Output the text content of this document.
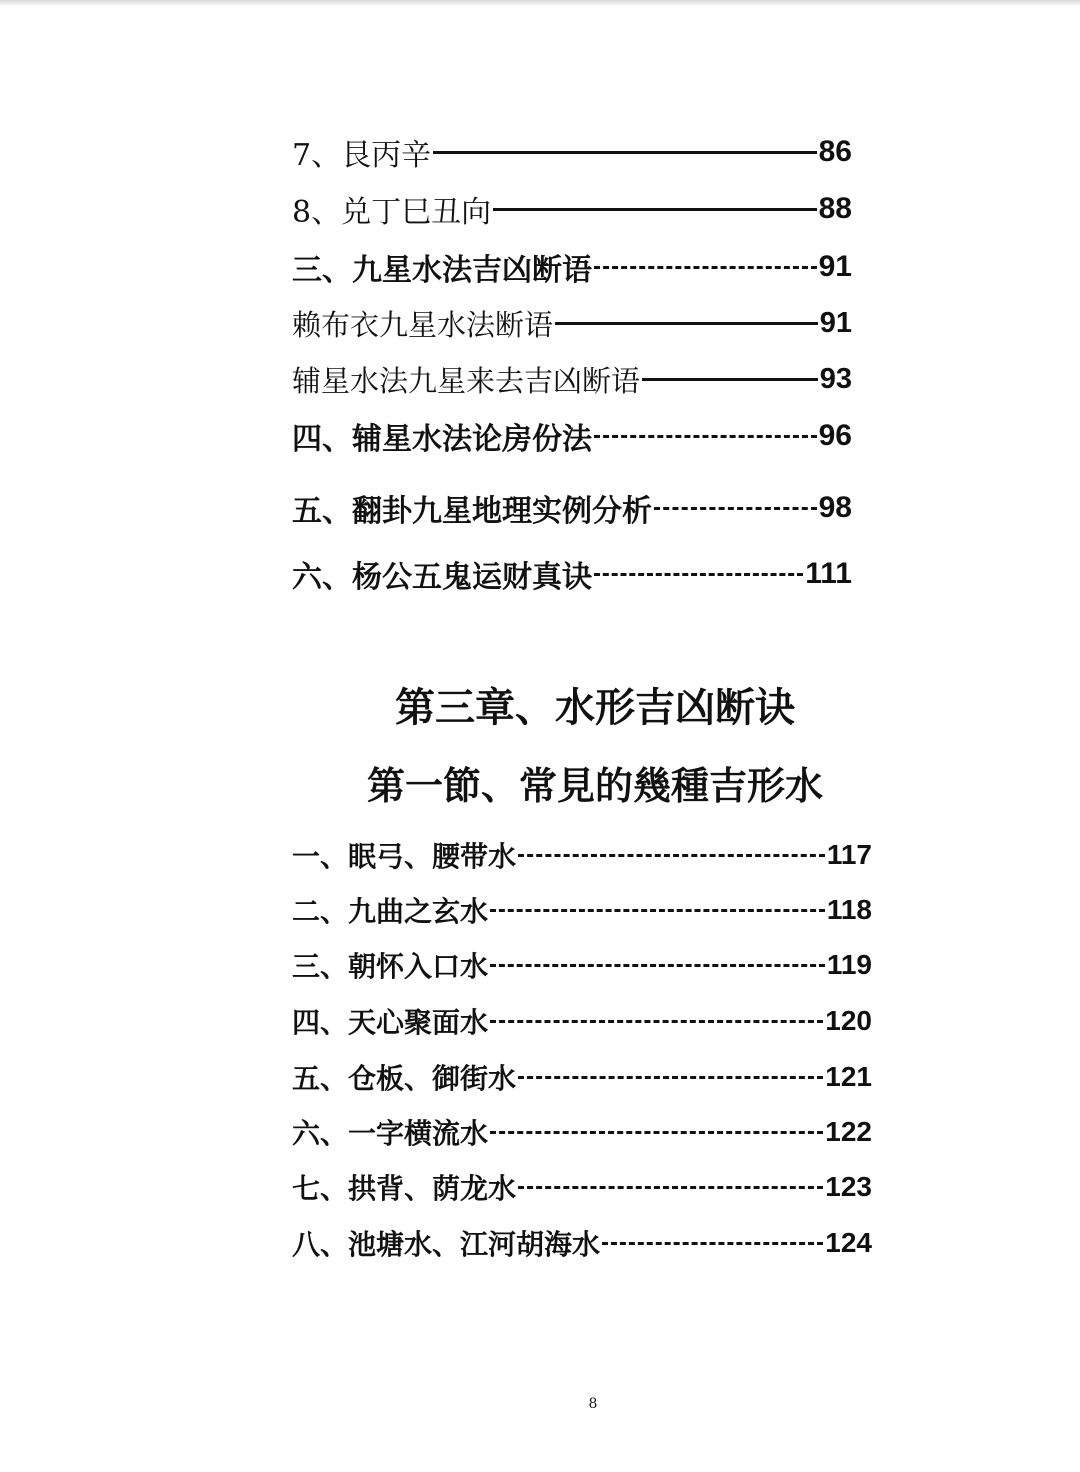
7、艮丙辛	86
8、兑丁巳丑向	88
三、九星水法吉凶断语	91
赖布衣九星水法断语	91
辅星水法九星来去吉凶断语	93
四、辅星水法论房份法	96
五、翻卦九星地理实例分析	98
六、杨公五鬼运财真诀	111
第三章、水形吉凶断诀
第一節、常見的幾種吉形水
一、眠弓、腰带水	117
二、九曲之玄水	118
三、朝怀入口水	119
四、天心聚面水	120
五、仓板、御街水	121
六、一字横流水	122
七、拱背、荫龙水	123
八、池塘水、江河胡海水	124
8
